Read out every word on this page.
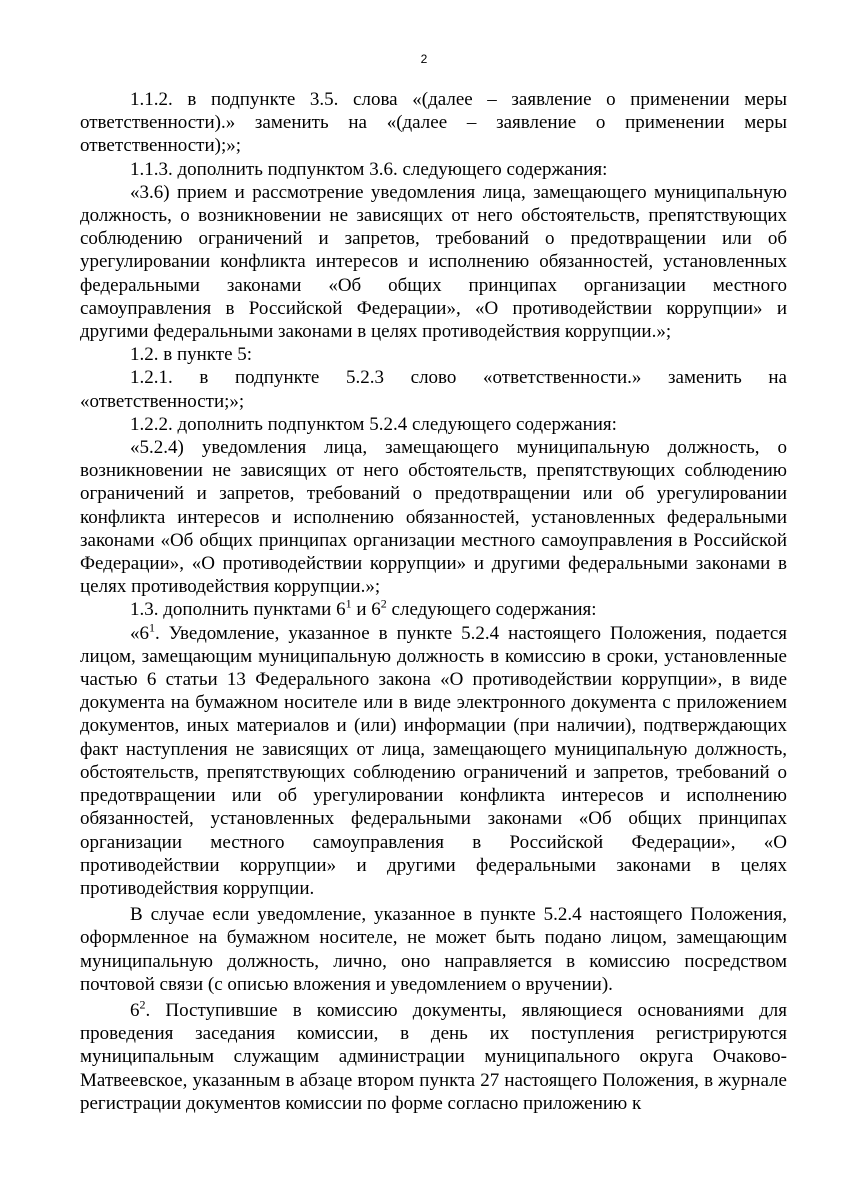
2

1.1.2. в подпункте 3.5. слова «(далее – заявление о применении меры ответственности).» заменить на «(далее – заявление о применении меры ответственности);»;

1.1.3. дополнить подпунктом 3.6. следующего содержания:

«3.6) прием и рассмотрение уведомления лица, замещающего муниципальную должность, о возникновении не зависящих от него обстоятельств, препятствующих соблюдению ограничений и запретов, требований о предотвращении или об урегулировании конфликта интересов и исполнению обязанностей, установленных федеральными законами «Об общих принципах организации местного самоуправления в Российской Федерации», «О противодействии коррупции» и другими федеральными законами в целях противодействия коррупции.»;

1.2. в пункте 5:

1.2.1. в подпункте 5.2.3 слово «ответственности.» заменить на «ответственности;»;

1.2.2. дополнить подпунктом 5.2.4 следующего содержания:

«5.2.4) уведомления лица, замещающего муниципальную должность, о возникновении не зависящих от него обстоятельств, препятствующих соблюдению ограничений и запретов, требований о предотвращении или об урегулировании конфликта интересов и исполнению обязанностей, установленных федеральными законами «Об общих принципах организации местного самоуправления в Российской Федерации», «О противодействии коррупции» и другими федеральными законами в целях противодействия коррупции.»;

1.3. дополнить пунктами $6^1$ и $6^2$ следующего содержания:

«$6^1$. Уведомление, указанное в пункте 5.2.4 настоящего Положения, подается лицом, замещающим муниципальную должность в комиссию в сроки, установленные частью 6 статьи 13 Федерального закона «О противодействии коррупции», в виде документа на бумажном носителе или в виде электронного документа с приложением документов, иных материалов и (или) информации (при наличии), подтверждающих факт наступления не зависящих от лица, замещающего муниципальную должность, обстоятельств, препятствующих соблюдению ограничений и запретов, требований о предотвращении или об урегулировании конфликта интересов и исполнению обязанностей, установленных федеральными законами «Об общих принципах организации местного самоуправления в Российской Федерации», «О противодействии коррупции» и другими федеральными законами в целях противодействия коррупции.

В случае если уведомление, указанное в пункте 5.2.4 настоящего Положения, оформленное на бумажном носителе, не может быть подано лицом, замещающим муниципальную должность, лично, оно направляется в комиссию посредством почтовой связи (с описью вложения и уведомлением о вручении).

$6^2$. Поступившие в комиссию документы, являющиеся основаниями для проведения заседания комиссии, в день их поступления регистрируются муниципальным служащим администрации муниципального округа Очаково-Матвеевское, указанным в абзаце втором пункта 27 настоящего Положения, в журнале регистрации документов комиссии по форме согласно приложению к
